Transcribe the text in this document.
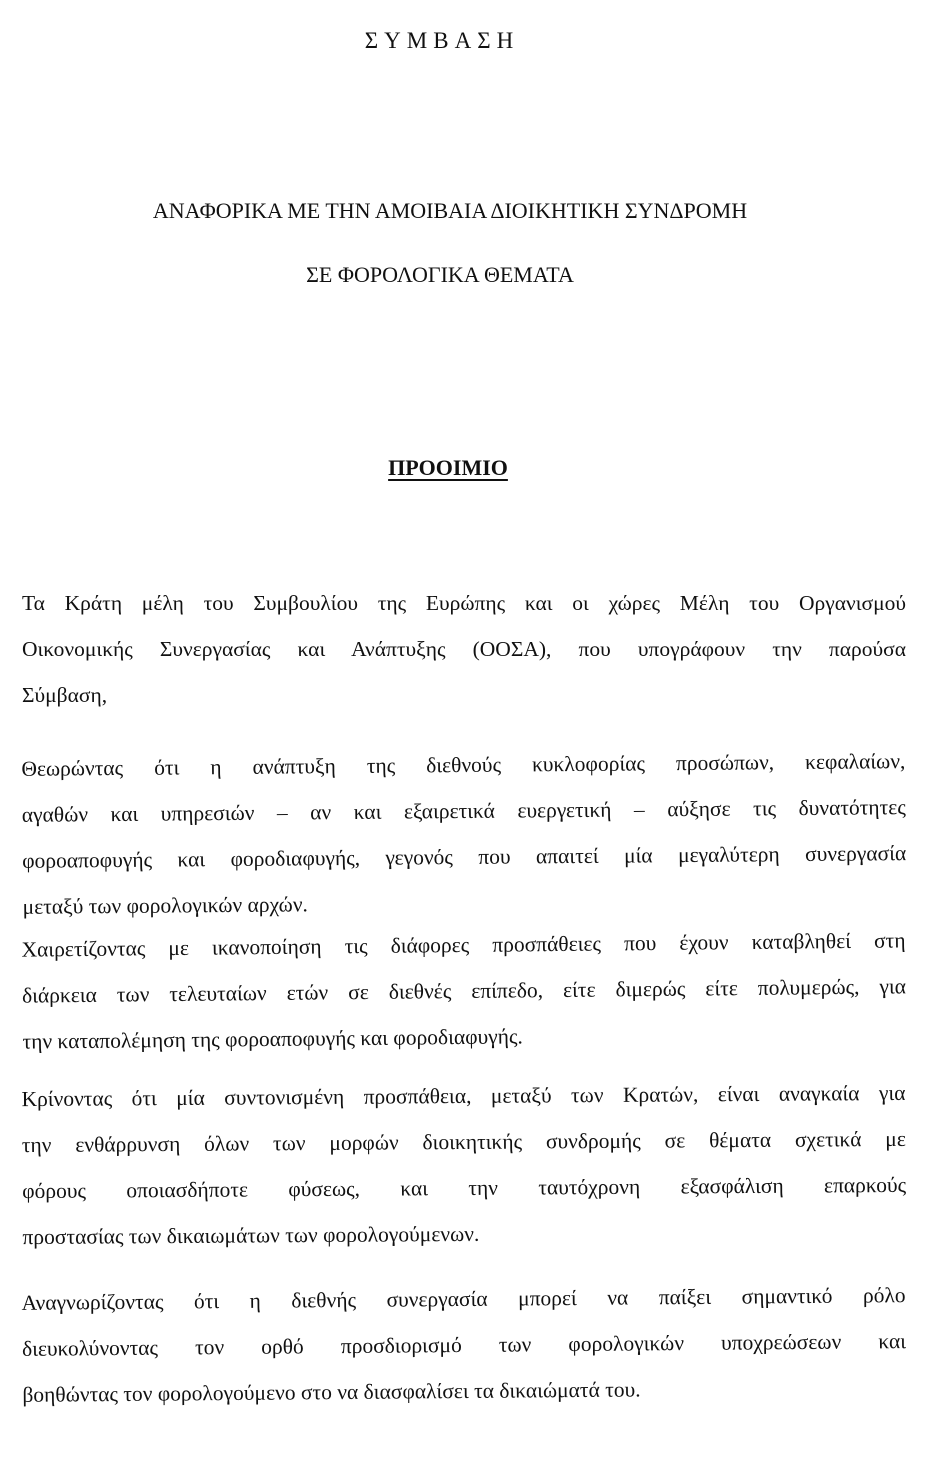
ΣΥΜΒΑΣΗ
ΑΝΑΦΟΡΙΚΑ ΜΕ ΤΗΝ ΑΜΟΙΒΑΙΑ ΔΙΟΙΚΗΤΙΚΗ ΣΥΝΔΡΟΜΗ
ΣΕ ΦΟΡΟΛΟΓΙΚΑ ΘΕΜΑΤΑ
ΠΡΟΟΙΜΙΟ
Τα Κράτη μέλη του Συμβουλίου της Ευρώπης και οι χώρες Μέλη του Οργανισμού
Οικονομικής Συνεργασίας και Ανάπτυξης (ΟΟΣΑ), που υπογράφουν την παρούσα
Σύμβαση,
Θεωρώντας ότι η ανάπτυξη της διεθνούς κυκλοφορίας προσώπων, κεφαλαίων,
αγαθών και υπηρεσιών – αν και εξαιρετικά ευεργετική – αύξησε τις δυνατότητες
φοροαποφυγής και φοροδιαφυγής, γεγονός που απαιτεί μία μεγαλύτερη συνεργασία
μεταξύ των φορολογικών αρχών.
Χαιρετίζοντας με ικανοποίηση τις διάφορες προσπάθειες που έχουν καταβληθεί στη
διάρκεια των τελευταίων ετών σε διεθνές επίπεδο, είτε διμερώς είτε πολυμερώς, για
την καταπολέμηση της φοροαποφυγής και φοροδιαφυγής.
Κρίνοντας ότι μία συντονισμένη προσπάθεια, μεταξύ των Κρατών, είναι αναγκαία για
την ενθάρρυνση όλων των μορφών διοικητικής συνδρομής σε θέματα σχετικά με
φόρους οποιασδήποτε φύσεως, και την ταυτόχρονη εξασφάλιση επαρκούς
προστασίας των δικαιωμάτων των φορολογούμενων.
Αναγνωρίζοντας ότι η διεθνής συνεργασία μπορεί να παίξει σημαντικό ρόλο
διευκολύνοντας τον ορθό προσδιορισμό των φορολογικών υποχρεώσεων και
βοηθώντας τον φορολογούμενο στο να διασφαλίσει τα δικαιώματά του.
